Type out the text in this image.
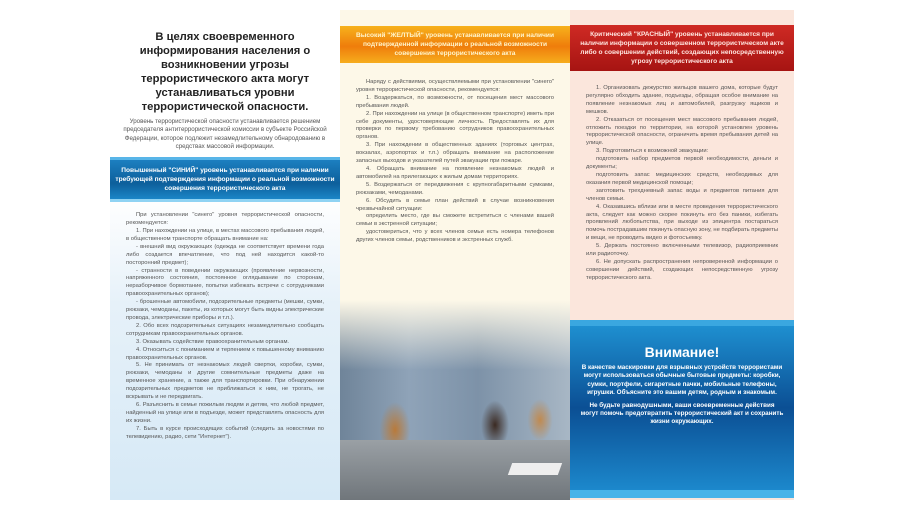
В целях своевременного информирования населения о возникновении угрозы террористического акта могут устанавливаться уровни террористической опасности.
Уровень террористической опасности устанавливается решением председателя антитеррористической комиссии в субъекте Российской Федерации, которое подлежит незамедлительному обнародованию в средствах массовой информации.
Повышенный "СИНИЙ" уровень устанавливается при наличии требующей подтверждения информации о реальной возможности совершения террористического акта

При установлении "синего" уровня террористической опасности, рекомендуется:

1. При нахождении на улице, в местах массового пребывания людей, в общественном транспорте обращать внимание на:

- внешний вид окружающих (одежда не соответствует времени года либо создается впечатление, что под ней находится какой-то посторонний предмет);

- странности в поведении окружающих (проявление нервозности, напряженного состояния, постоянное оглядывание по сторонам, неразборчивое бормотание, попытки избежать встречи с сотрудниками правоохранительных органов);

- брошенные автомобили, подозрительные предметы (мешки, сумки, рюкзаки, чемоданы, пакеты, из которых могут быть видны электрические провода, электрические приборы и т.п.).

2. Обо всех подозрительных ситуациях незамедлительно сообщать сотрудникам правоохранительных органов.

3. Оказывать содействие правоохранительным органам.

4. Относиться с пониманием и терпением к повышенному вниманию правоохранительных органов.

5. Не принимать от незнакомых людей свертки, коробки, сумки, рюкзаки, чемоданы и другие сомнительные предметы даже на временное хранение, а также для транспортировки. При обнаружении подозрительных предметов не приближаться к ним, не трогать, не вскрывать и не передвигать.

6. Разъяснить в семье пожилым людям и детям, что любой предмет, найденный на улице или в подъезде, может представлять опасность для их жизни.

7. Быть в курсе происходящих событий (следить за новостями по телевидению, радио, сети "Интернет").

Высокий "ЖЕЛТЫЙ" уровень устанавливается при наличии подтвержденной информации о реальной возможности совершения террористического акта

Наряду с действиями, осуществляемыми при установлении "синего" уровня террористической опасности, рекомендуется:

1. Воздержаться, по возможности, от посещения мест массового пребывания людей.

2. При нахождении на улице (в общественном транспорте) иметь при себе документы, удостоверяющие личность. Предоставлять их для проверки по первому требованию сотрудников правоохранительных органов.

3. При нахождении в общественных зданиях (торговых центрах, вокзалах, аэропортах и т.п.) обращать внимание на расположение запасных выходов и указателей путей эвакуации при пожаре.

4. Обращать внимание на появление незнакомых людей и автомобилей на прилегающих к жилым домам территориях.

5. Воздержаться от передвижения с крупногабаритными сумками, рюкзаками, чемоданами.

6. Обсудить в семье план действий в случае возникновения чрезвычайной ситуации:

определить место, где вы сможете встретиться с членами вашей семьи в экстренной ситуации;

удостовериться, что у всех членов семьи есть номера телефонов других членов семьи, родственников и экстренных служб.

Критический "КРАСНЫЙ" уровень устанавливается при наличии информации о совершенном террористическом акте либо о совершении действий, создающих непосредственную угрозу террористического акта

1. Организовать дежурство жильцов вашего дома, которые будут регулярно обходить здание, подъезды, обращая особое внимание на появление незнакомых лиц и автомобилей, разгрузку ящиков и мешков.

2. Отказаться от посещения мест массового пребывания людей, отложить поездки по территории, на которой установлен уровень террористической опасности, ограничить время пребывания детей на улице.

3. Подготовиться к возможной эвакуации:

подготовить набор предметов первой необходимости, деньги и документы;

подготовить запас медицинских средств, необходимых для оказания первой медицинской помощи;

заготовить трехдневный запас воды и предметов питания для членов семьи.

4. Оказавшись вблизи или в месте проведения террористического акта, следует как можно скорее покинуть его без паники, избегать проявлений любопытства, при выходе из эпицентра постараться помочь пострадавшим покинуть опасную зону, не подбирать предметы и вещи, не проводить видео и фотосъемку.

5. Держать постоянно включенными телевизор, радиоприемник или радиоточку.

6. Не допускать распространения непроверенной информации о совершении действий, создающих непосредственную угрозу террористического акта.

Внимание!
В качестве маскировки для взрывных устройств террористами могут использоваться обычные бытовые предметы: коробки, сумки, портфели, сигаретные пачки, мобильные телефоны, игрушки. Объясните это вашим детям, родным и знакомым.
Не будьте равнодушными, ваши своевременные действия могут помочь предотвратить террористический акт и сохранить жизни окружающих.
